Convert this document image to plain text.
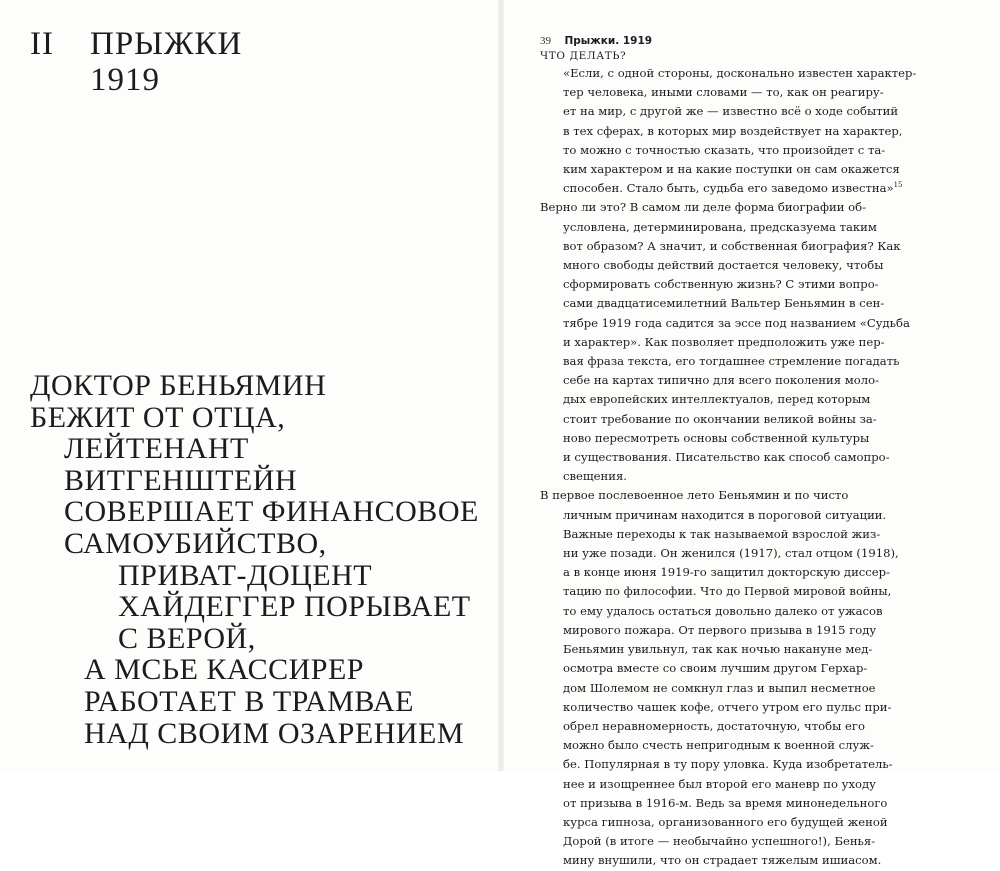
II ПРЫЖКИ
1919
ДОКТОР БЕНЬЯМИН
БЕЖИТ ОТ ОТЦА,
ЛЕЙТЕНАНТ
ВИТГЕНШТЕЙН
СОВЕРШАЕТ ФИНАНСОВОЕ
САМОУБИЙСТВО,
ПРИВАТ-ДОЦЕНТ
ХАЙДЕГГЕР ПОРЫВАЕТ
С ВЕРОЙ,
А МСЬЕ КАССИРЕР
РАБОТАЕТ В ТРАМВАЕ
НАД СВОИМ ОЗАРЕНИЕМ
39 Прыжки. 1919
ЧТО ДЕЛАТЬ?
«Если, с одной стороны, досконально известен характер-
тер человека, иными словами — то, как он реагиру-
ет на мир, с другой же — известно всё о ходе событий
в тех сферах, в которых мир воздействует на характер,
то можно с точностью сказать, что произойдет с та-
ким характером и на какие поступки он сам окажется
способен. Стало быть, судьба его заведомо известна»$^{15}$
Верно ли это? В самом ли деле форма биографии об-
условлена, детерминирована, предсказуема таким
вот образом? А значит, и собственная биография? Как
много свободы действий достается человеку, чтобы
сформировать собственную жизнь? С этими вопро-
сами двадцатисемилетний Вальтер Беньямин в сен-
тябре 1919 года садится за эссе под названием «Судьба
и характер». Как позволяет предположить уже пер-
вая фраза текста, его тогдашнее стремление погадать
себе на картах типично для всего поколения моло-
дых европейских интеллектуалов, перед которым
стоит требование по окончании великой войны за-
ново пересмотреть основы собственной культуры
и существования. Писательство как способ самопро-
свещения.
В первое послевоенное лето Беньямин и по чисто
личным причинам находится в пороговой ситуации.
Важные переходы к так называемой взрослой жиз-
ни уже позади. Он женился (1917), стал отцом (1918),
а в конце июня 1919-го защитил докторскую диссер-
тацию по философии. Что до Первой мировой войны,
то ему удалось остаться довольно далеко от ужасов
мирового пожара. От первого призыва в 1915 году
Беньямин увильнул, так как ночью накануне мед-
осмотра вместе со своим лучшим другом Герхар-
дом Шолемом не сомкнул глаз и выпил несметное
количество чашек кофе, отчего утром его пульс при-
обрел неравномерность, достаточную, чтобы его
можно было счесть непригодным к военной служ-
бе. Популярная в ту пору уловка. Куда изобретатель-
нее и изощреннее был второй его маневр по уходу
от призыва в 1916-м. Ведь за время минонедельного
курса гипноза, организованного его будущей женой
Дорой (в итоге — необычайно успешного!), Бенья-
мину внушили, что он страдает тяжелым ишиасом.
